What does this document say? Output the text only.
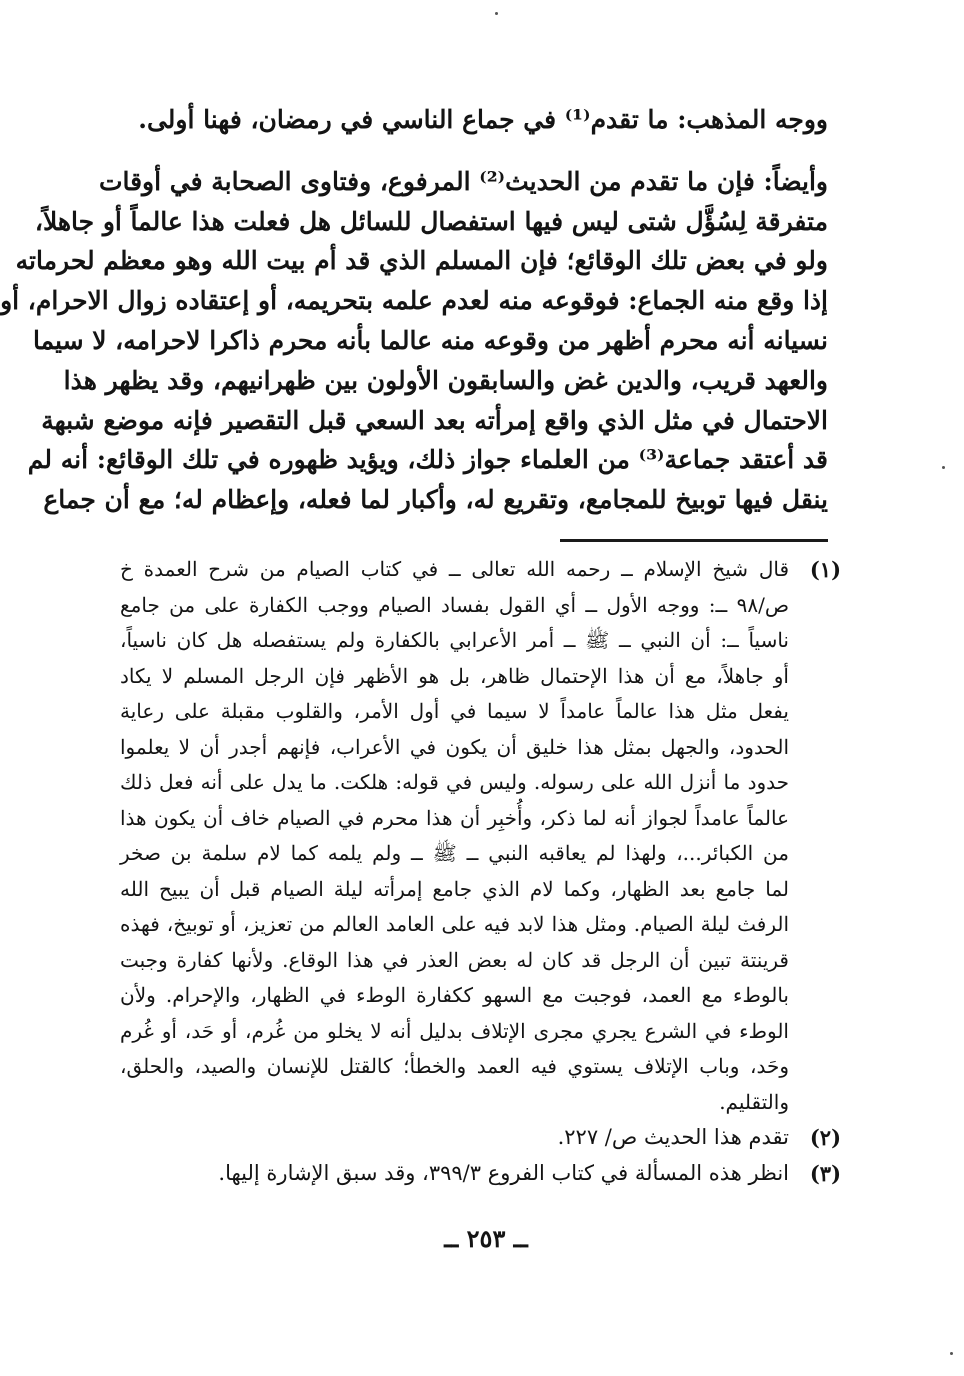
ووجه المذهب: ما تقدم⁽¹⁾ في جماع الناسي في رمضان، فهنا أولى.
وأيضاً: فإن ما تقدم من الحديث⁽²⁾ المرفوع، وفتاوى الصحابة في أوقات
متفرقة لِسُؤَّل شتى ليس فيها استفصال للسائل هل فعلت هذا عالماً أو جاهلاً،
ولو في بعض تلك الوقائع؛ فإن المسلم الذي قد أم بيت الله وهو معظم لحرماته
إذا وقع منه الجماع: فوقوعه منه لعدم علمه بتحريمه، أو إعتقاده زوال الاحرام، أو
نسيانه أنه محرم أظهر من وقوعه منه عالما بأنه محرم ذاكرا لاحرامه، لا سيما
والعهد قريب، والدين غض والسابقون الأولون بين ظهرانيهم، وقد يظهر هذا
الاحتمال في مثل الذي واقع إمرأته بعد السعي قبل التقصير فإنه موضع شبهة
قد أعتقد جماعة⁽³⁾ من العلماء جواز ذلك، ويؤيد ظهوره في تلك الوقائع: أنه لم
ينقل فيها توبيخ للمجامع، وتقريع له، وأكبار لما فعله، وإعظام له؛ مع أن جماع
(١)
قال شيخ الإسلام ــ رحمه الله تعالى ــ في كتاب الصيام من شرح العمدة خ
ص/٩٨ ــ: ووجه الأول ــ أي القول بفساد الصيام ووجب الكفارة على من جامع
ناسياً ــ: أن النبي ــ ﷺ ــ أمر الأعرابي بالكفارة ولم يستفصله هل كان ناسياً،
أو جاهلاً، مع أن هذا الإحتمال ظاهر، بل هو الأظهر فإن الرجل المسلم لا يكاد
يفعل مثل هذا عالماً عامداً لا سيما في أول الأمر، والقلوب مقبلة على رعاية
الحدود، والجهل بمثل هذا خليق أن يكون في الأعراب، فإنهم أجدر أن لا يعلموا
حدود ما أنزل الله على رسوله. وليس في قوله: هلكت. ما يدل على أنه فعل ذلك
عالماً عامداً لجواز أنه لما ذكر، وأُخبِر أن هذا محرم في الصيام خاف أن يكون هذا
من الكبائر...، ولهذا لم يعاقبه النبي ــ ﷺ ــ ولم يلمه كما لام سلمة بن صخر
لما جامع بعد الظهار، وكما لام الذي جامع إمرأته ليلة الصيام قبل أن يبيح الله
الرفث ليلة الصيام. ومثل هذا لابد فيه على العامد العالم من تعزيز، أو توبيخ، فهذه
قرينتة تبين أن الرجل قد كان له بعض العذر في هذا الوقاع. ولأنها كفارة وجبت
بالوطء مع العمد، فوجبت مع السهو ككفارة الوطء في الظهار، والإحرام. ولأن
الوطء في الشرع يجري مجرى الإتلاف بدليل أنه لا يخلو من غُرم، أو حَد، أو غُرم
وحَد، وباب الإتلاف يستوي فيه العمد والخطأ؛ كالقتل للإنسان والصيد، والحلق،
والتقليم.
(٢)
تقدم هذا الحديث ص/ ٢٢٧.
(٣)
انظر هذه المسألة في كتاب الفروع ٣٩٩/٣، وقد سبق الإشارة إليها.
ــ ٢٥٣ ــ
